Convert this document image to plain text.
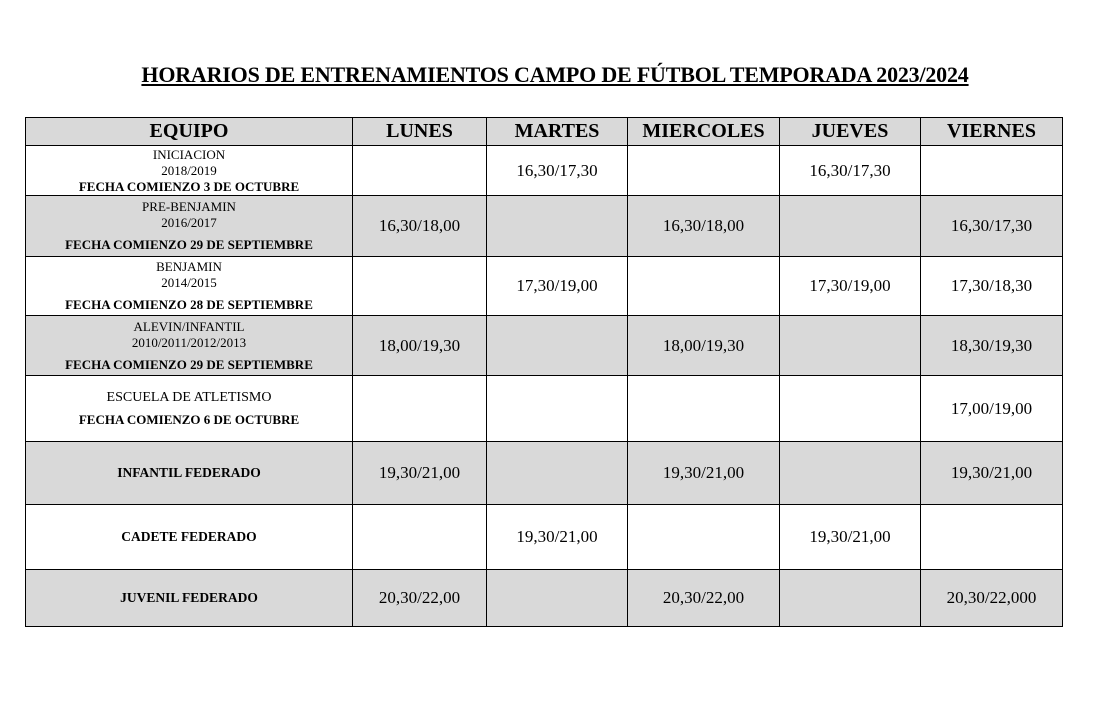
HORARIOS DE ENTRENAMIENTOS CAMPO DE FÚTBOL TEMPORADA 2023/2024
EQUIPO	LUNES	MARTES	MIERCOLES	JUEVES	VIERNES

INICIACION
2018/2019
FECHA COMIENZO 3 DE OCTUBRE		16,30/17,30		16,30/17,30	

PRE-BENJAMIN
2016/2017
FECHA COMIENZO 29 DE SEPTIEMBRE	16,30/18,00		16,30/18,00		16,30/17,30

BENJAMIN
2014/2015
FECHA COMIENZO 28 DE SEPTIEMBRE		17,30/19,00		17,30/19,00	17,30/18,30

ALEVIN/INFANTIL
2010/2011/2012/2013
FECHA COMIENZO 29 DE SEPTIEMBRE	18,00/19,30		18,00/19,30		18,30/19,30

ESCUELA DE ATLETISMO
FECHA COMIENZO 6 DE OCTUBRE					17,00/19,00
INFANTIL FEDERADO	19,30/21,00		19,30/21,00		19,30/21,00
CADETE FEDERADO		19,30/21,00		19,30/21,00	
JUVENIL FEDERADO	20,30/22,00		20,30/22,00		20,30/22,000
